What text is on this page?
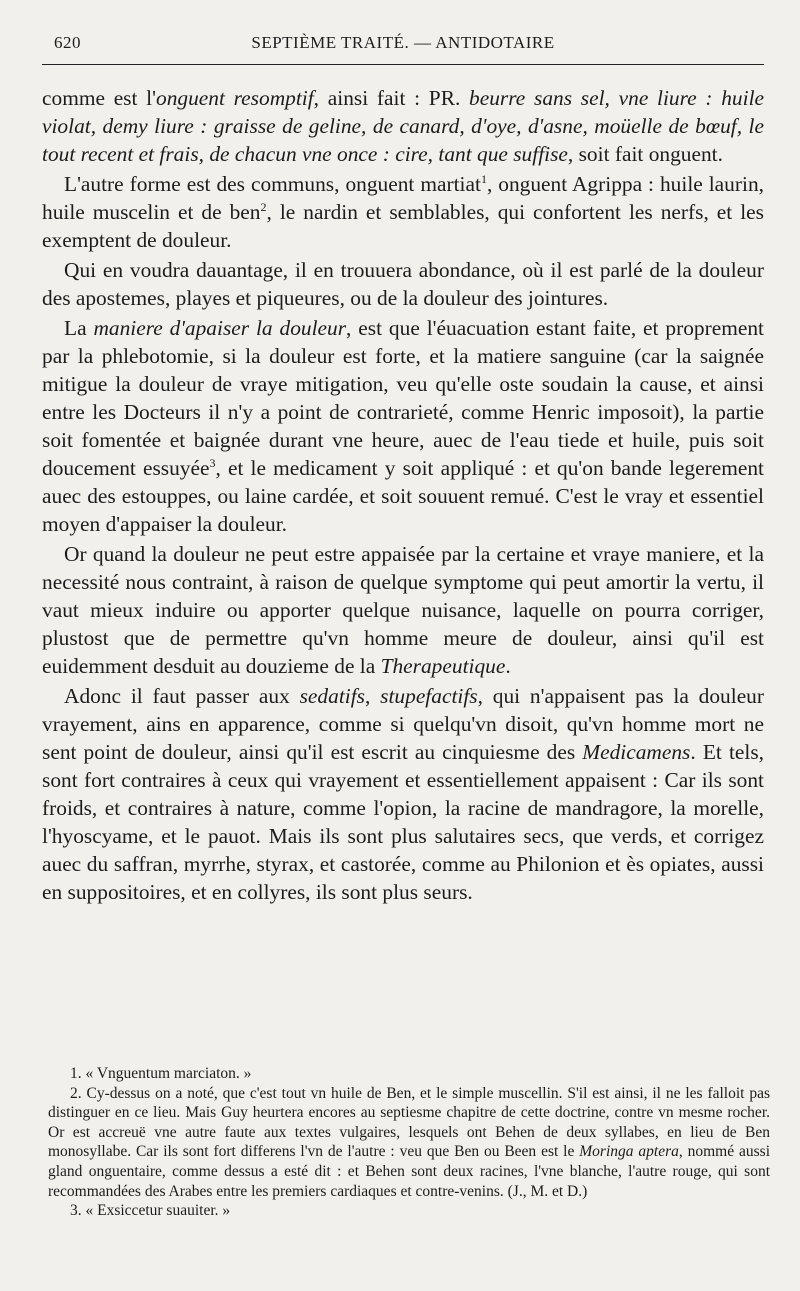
620	SEPTIÈME TRAITÉ. — ANTIDOTAIRE

comme est l'onguent resomptif, ainsi fait : PR. beurre sans sel, vne liure : huile violat, demy liure : graisse de geline, de canard, d'oye, d'asne, moüelle de bœuf, le tout recent et frais, de chacun vne once : cire, tant que suffise, soit fait onguent.

L'autre forme est des communs, onguent martiat$^1$, onguent Agrippa : huile laurin, huile muscelin et de ben$^2$, le nardin et semblables, qui confortent les nerfs, et les exemptent de douleur.

Qui en voudra dauantage, il en trouuera abondance, où il est parlé de la douleur des apostemes, playes et piqueures, ou de la douleur des jointures.

La maniere d'apaiser la douleur, est que l'éuacuation estant faite, et proprement par la phlebotomie, si la douleur est forte, et la matiere sanguine (car la saignée mitigue la douleur de vraye mitigation, veu qu'elle oste soudain la cause, et ainsi entre les Docteurs il n'y a point de contrarieté, comme Henric imposoit), la partie soit fomentée et baignée durant vne heure, auec de l'eau tiede et huile, puis soit doucement essuyée$^3$, et le medicament y soit appliqué : et qu'on bande legerement auec des estouppes, ou laine cardée, et soit souuent remué. C'est le vray et essentiel moyen d'appaiser la douleur.

Or quand la douleur ne peut estre appaisée par la certaine et vraye maniere, et la necessité nous contraint, à raison de quelque symptome qui peut amortir la vertu, il vaut mieux induire ou apporter quelque nuisance, laquelle on pourra corriger, plustost que de permettre qu'vn homme meure de douleur, ainsi qu'il est euidemment desduit au douzieme de la Therapeutique.

Adonc il faut passer aux sedatifs, stupefactifs, qui n'appaisent pas la douleur vrayement, ains en apparence, comme si quelqu'vn disoit, qu'vn homme mort ne sent point de douleur, ainsi qu'il est escrit au cinquiesme des Medicamens. Et tels, sont fort contraires à ceux qui vrayement et essentiellement appaisent : Car ils sont froids, et contraires à nature, comme l'opion, la racine de mandragore, la morelle, l'hyoscyame, et le pauot. Mais ils sont plus salutaires secs, que verds, et corrigez auec du saffran, myrrhe, styrax, et castorée, comme au Philonion et ès opiates, aussi en suppositoires, et en collyres, ils sont plus seurs.

1. « Vnguentum marciaton. »

2. Cy-dessus on a noté, que c'est tout vn huile de Ben, et le simple muscellin. S'il est ainsi, il ne les falloit pas distinguer en ce lieu. Mais Guy heurtera encores au septiesme chapitre de cette doctrine, contre vn mesme rocher. Or est accreuë vne autre faute aux textes vulgaires, lesquels ont Behen de deux syllabes, en lieu de Ben monosyllabe. Car ils sont fort differens l'vn de l'autre : veu que Ben ou Been est le Moringa aptera, nommé aussi gland onguentaire, comme dessus a esté dit : et Behen sont deux racines, l'vne blanche, l'autre rouge, qui sont recommandées des Arabes entre les premiers cardiaques et contre-venins. (J., M. et D.)

3. « Exsiccetur suauiter. »
